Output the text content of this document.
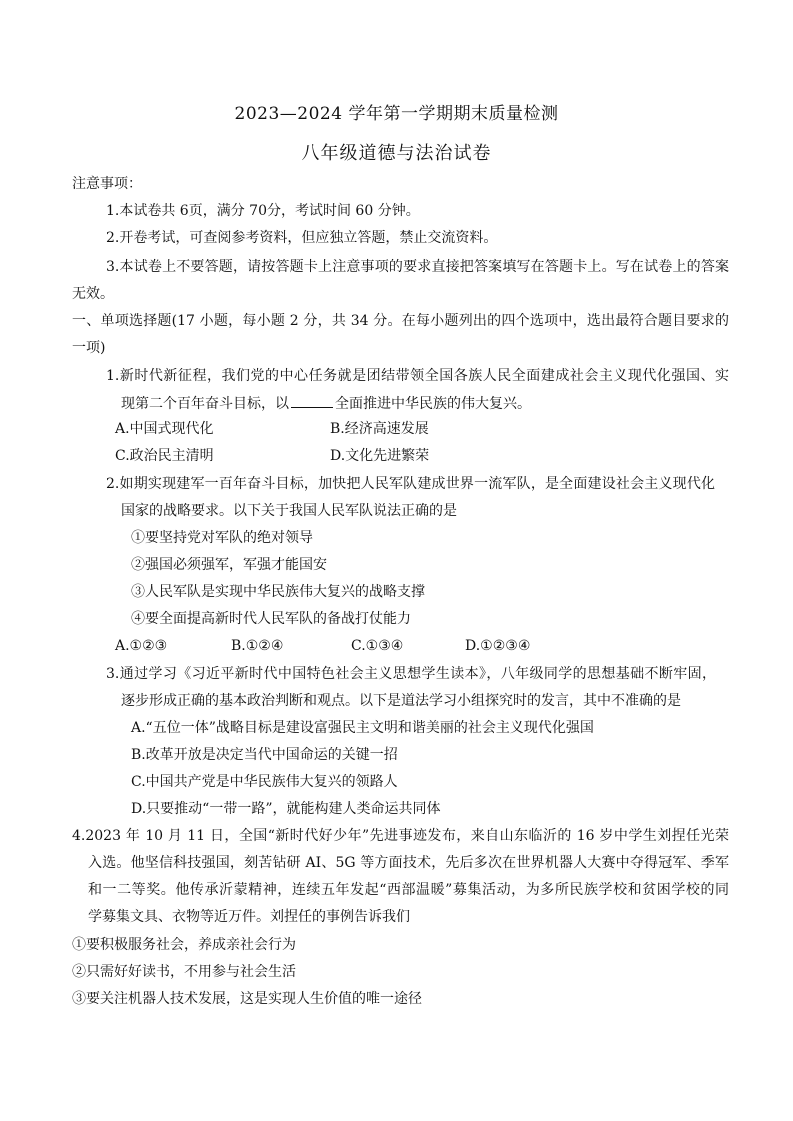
2023—2024 学年第一学期期末质量检测
八年级道德与法治试卷
注意事项：
1.本试卷共 6页，满分 70分，考试时间 60 分钟。
2.开卷考试，可查阅参考资料，但应独立答题，禁止交流资料。
3.本试卷上不要答题，请按答题卡上注意事项的要求直接把答案填写在答题卡上。写在试卷上的答案
无效。
一、单项选择题(17 小题，每小题 2 分，共 34 分。在每小题列出的四个选项中，选出最符合题目要求的
一项)
1.新时代新征程，我们党的中心任务就是团结带领全国各族人民全面建成社会主义现代化强国、实
现第二个百年奋斗目标，以	全面推进中华民族的伟大复兴。
A.中国式现代化	B.经济高速发展
C.政治民主清明	D.文化先进繁荣
2.如期实现建军一百年奋斗目标，加快把人民军队建成世界一流军队，是全面建设社会主义现代化
国家的战略要求。以下关于我国人民军队说法正确的是
①要坚持党对军队的绝对领导
②强国必须强军，军强才能国安
③人民军队是实现中华民族伟大复兴的战略支撑
④要全面提高新时代人民军队的备战打仗能力
A.①②③	B.①②④	C.①③④	D.①②③④
3.通过学习《习近平新时代中国特色社会主义思想学生读本》，八年级同学的思想基础不断牢固，
逐步形成正确的基本政治判断和观点。以下是道法学习小组探究时的发言，其中不准确的是
A.“五位一体”战略目标是建设富强民主文明和谐美丽的社会主义现代化强国
B.改革开放是决定当代中国命运的关键一招
C.中国共产党是中华民族伟大复兴的领路人
D.只要推动“一带一路”，就能构建人类命运共同体
4.2023 年 10 月 11 日，全国“新时代好少年”先进事迹发布，来自山东临沂的 16 岁中学生刘捏任光荣
入选。他坚信科技强国，刻苦钻研 AI、5G 等方面技术，先后多次在世界机器人大赛中夺得冠军、季军
和一二等奖。他传承沂蒙精神，连续五年发起“西部温暖”募集活动，为多所民族学校和贫困学校的同
学募集文具、衣物等近万件。刘捏任的事例告诉我们
①要积极服务社会，养成亲社会行为
②只需好好读书，不用参与社会生活
③要关注机器人技术发展，这是实现人生价值的唯一途径
